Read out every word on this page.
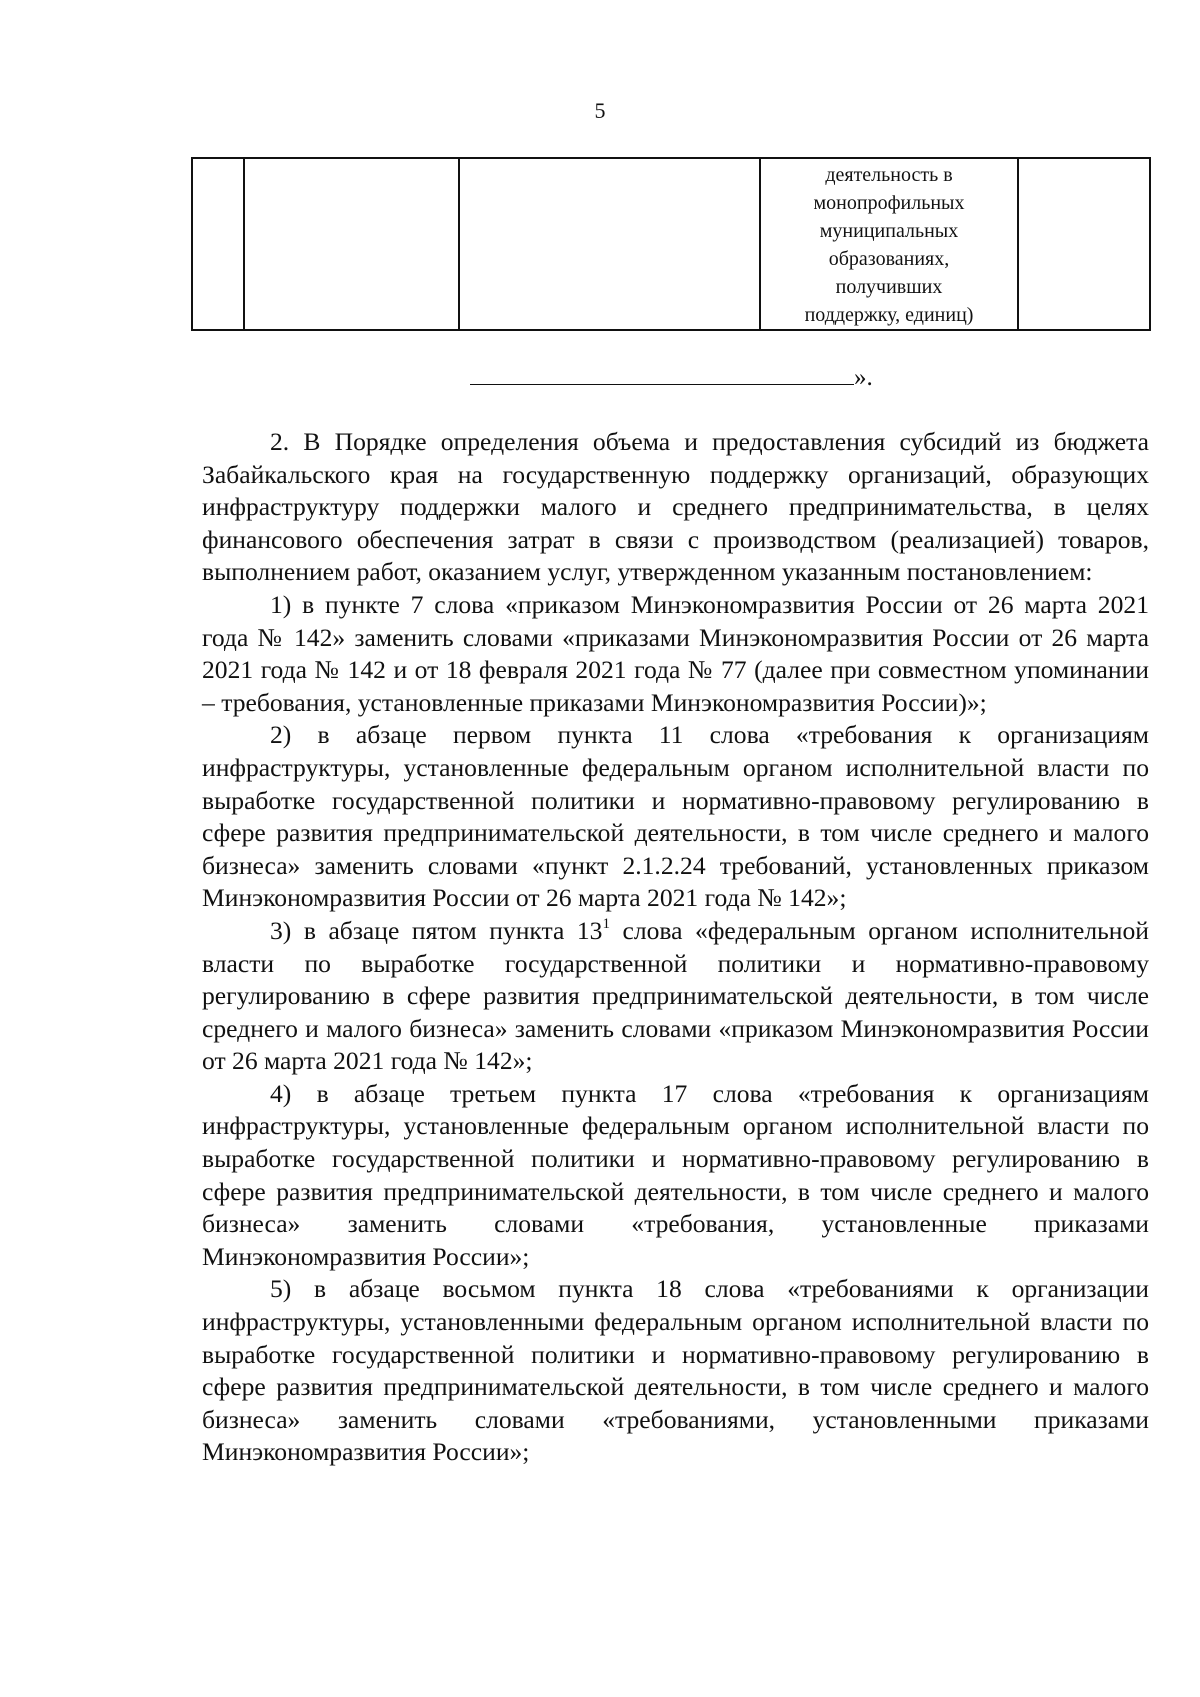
5

деятельность в
монопрофильных
муниципальных
образованиях,
получивших
поддержку, единиц)

».

2. В Порядке определения объема и предоставления субсидий из бюджета Забайкальского края на государственную поддержку организаций, образующих инфраструктуру поддержки малого и среднего предпринимательства, в целях финансового обеспечения затрат в связи с производством (реализацией) товаров, выполнением работ, оказанием услуг, утвержденном указанным постановлением:

1) в пункте 7 слова «приказом Минэкономразвития России от 26 марта 2021 года № 142» заменить словами «приказами Минэкономразвития России от 26 марта 2021 года № 142 и от 18 февраля 2021 года № 77 (далее при совместном упоминании – требования, установленные приказами Минэкономразвития России)»;

2) в абзаце первом пункта 11 слова «требования к организациям инфраструктуры, установленные федеральным органом исполнительной власти по выработке государственной политики и нормативно-правовому регулированию в сфере развития предпринимательской деятельности, в том числе среднего и малого бизнеса» заменить словами «пункт 2.1.2.24 требований, установленных приказом Минэкономразвития России от 26 марта 2021 года № 142»;

3) в абзаце пятом пункта $13^1$ слова «федеральным органом исполнительной власти по выработке государственной политики и нормативно-правовому регулированию в сфере развития предпринимательской деятельности, в том числе среднего и малого бизнеса» заменить словами «приказом Минэкономразвития России от 26 марта 2021 года № 142»;

4) в абзаце третьем пункта 17 слова «требования к организациям инфраструктуры, установленные федеральным органом исполнительной власти по выработке государственной политики и нормативно-правовому регулированию в сфере развития предпринимательской деятельности, в том числе среднего и малого бизнеса» заменить словами «требования, установленные приказами Минэкономразвития России»;

5) в абзаце восьмом пункта 18 слова «требованиями к организации инфраструктуры, установленными федеральным органом исполнительной власти по выработке государственной политики и нормативно-правовому регулированию в сфере развития предпринимательской деятельности, в том числе среднего и малого бизнеса» заменить словами «требованиями, установленными приказами Минэкономразвития России»;
